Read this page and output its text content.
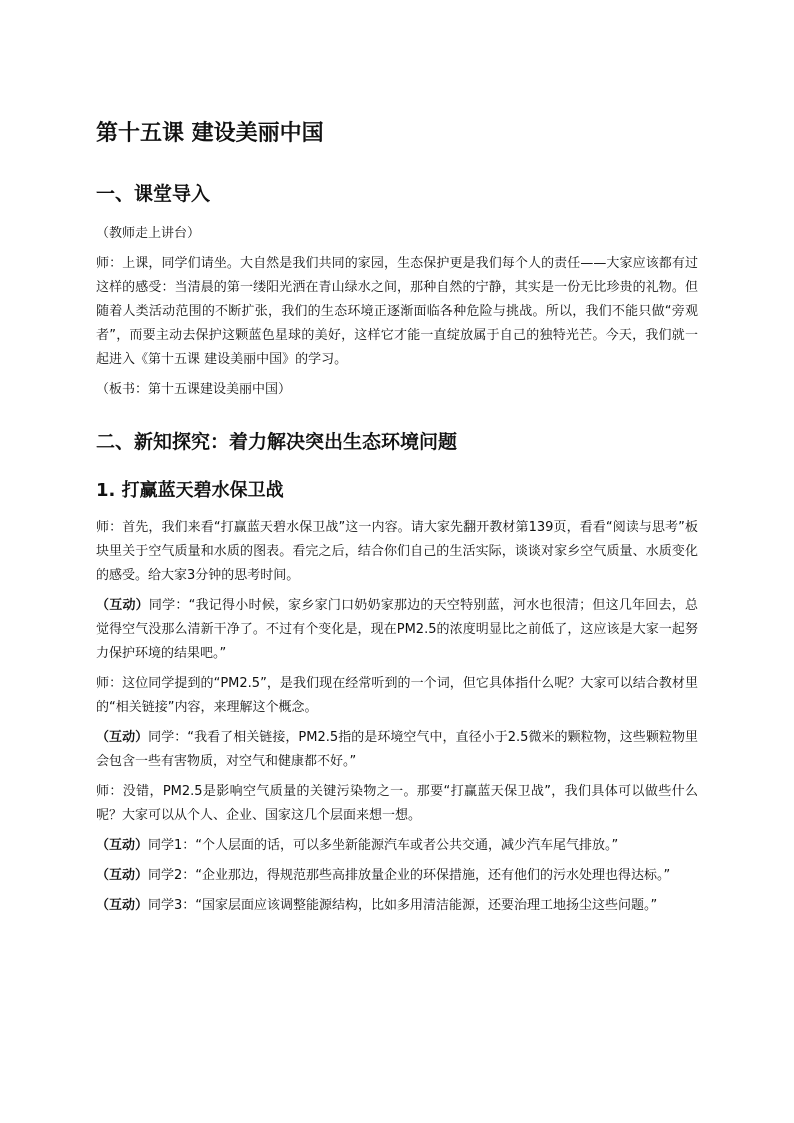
第十五课 建设美丽中国
一、课堂导入
（教师走上讲台）
师：上课，同学们请坐。大自然是我们共同的家园，生态保护更是我们每个人的责任——大家应该都有过这样的感受：当清晨的第一缕阳光洒在青山绿水之间，那种自然的宁静，其实是一份无比珍贵的礼物。但随着人类活动范围的不断扩张，我们的生态环境正逐渐面临各种危险与挑战。所以，我们不能只做“旁观者”，而要主动去保护这颗蓝色星球的美好，这样它才能一直绽放属于自己的独特光芒。今天，我们就一起进入《第十五课 建设美丽中国》的学习。
（板书：第十五课建设美丽中国）
二、新知探究：着力解决突出生态环境问题
1. 打赢蓝天碧水保卫战
师：首先，我们来看“打赢蓝天碧水保卫战”这一内容。请大家先翻开教材第139页，看看“阅读与思考”板块里关于空气质量和水质的图表。看完之后，结合你们自己的生活实际，谈谈对家乡空气质量、水质变化的感受。给大家3分钟的思考时间。
（互动）同学：“我记得小时候，家乡家门口奶奶家那边的天空特别蓝，河水也很清；但这几年回去，总觉得空气没那么清新干净了。不过有个变化是，现在PM2.5的浓度明显比之前低了，这应该是大家一起努力保护环境的结果吧。”
师：这位同学提到的“PM2.5”，是我们现在经常听到的一个词，但它具体指什么呢？大家可以结合教材里的“相关链接”内容，来理解这个概念。
（互动）同学：“我看了相关链接，PM2.5指的是环境空气中，直径小于2.5微米的颗粒物，这些颗粒物里会包含一些有害物质，对空气和健康都不好。”
师：没错，PM2.5是影响空气质量的关键污染物之一。那要“打赢蓝天保卫战”，我们具体可以做些什么呢？大家可以从个人、企业、国家这几个层面来想一想。
（互动）同学1：“个人层面的话，可以多坐新能源汽车或者公共交通，减少汽车尾气排放。”
（互动）同学2：“企业那边，得规范那些高排放量企业的环保措施，还有他们的污水处理也得达标。”
（互动）同学3：“国家层面应该调整能源结构，比如多用清洁能源，还要治理工地扬尘这些问题。”
